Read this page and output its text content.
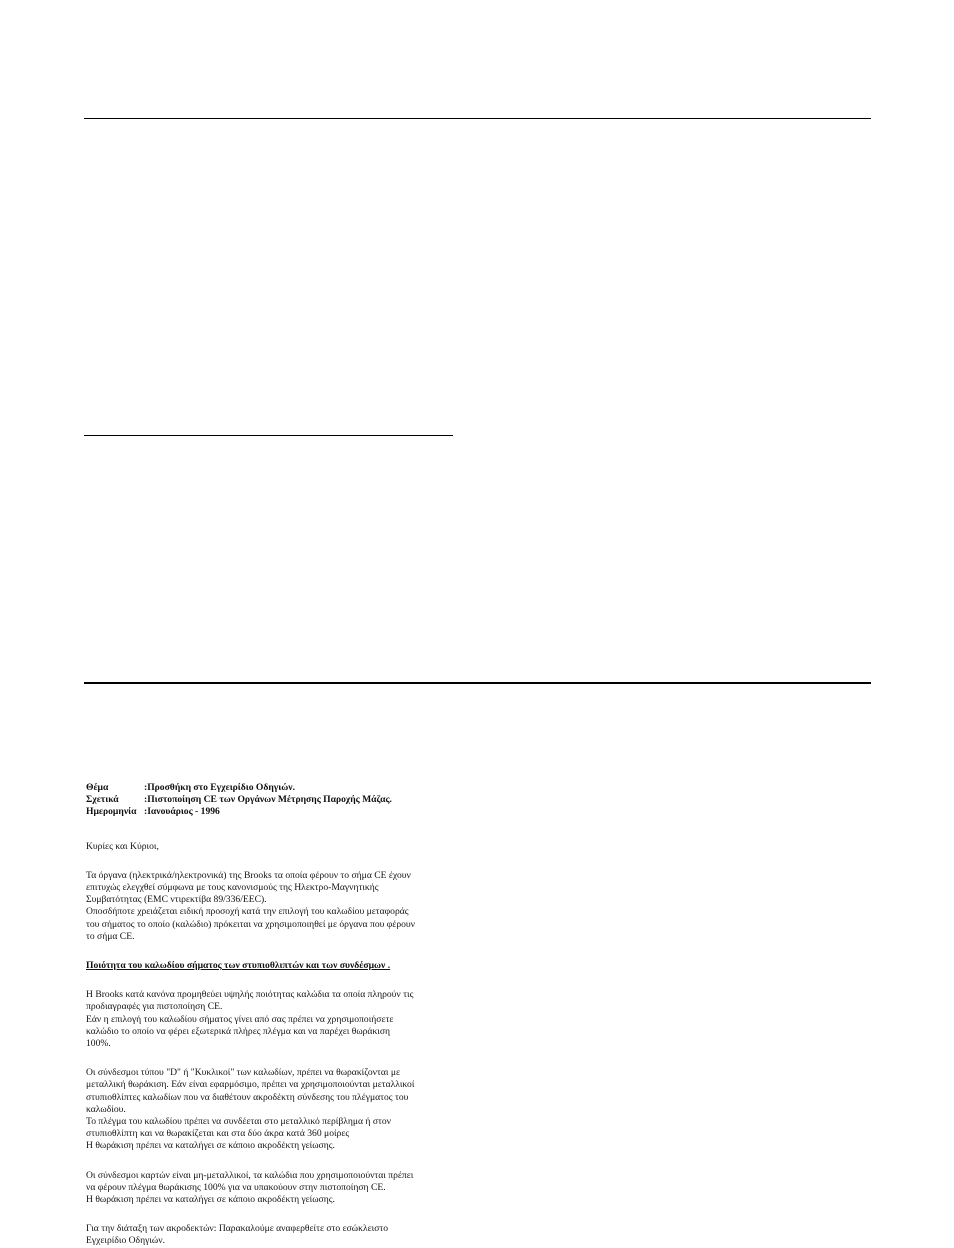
Θέμα	:Προσθήκη στο Εγχειρίδιο Οδηγιών.
Σχετικά	:Πιστοποίηση CE των Οργάνων Μέτρησης Παροχής Μάζας.
Ημερομηνία :Ιανουάριος - 1996

Κυρίες και Κύριοι,

Τα όργανα (ηλεκτρικά/ηλεκτρονικά) της Brooks τα οποία φέρουν το σήμα CE έχουν
επιτυχώς ελεγχθεί σύμφωνα με τους κανονισμούς της Ηλεκτρο-Μαγνητικής
Συμβατότητας (EMC ντιρεκτίβα 89/336/EEC).
Οποσδήποτε χρειάζεται ειδική προσοχή κατά την επιλογή του καλωδίου μεταφοράς
του σήματος το οποίο (καλώδιο) πρόκειται να χρησιμοποιηθεί με όργανα που φέρουν
το σήμα CE.

Ποιότητα του καλωδίου σήματος των στυπιοθλιπτών και των συνδέσμων .

Η Brooks κατά κανόνα προμηθεύει υψηλής ποιότητας καλώδια τα οποία πληρούν τις
προδιαγραφές για πιστοποίηση CE.
Εάν η επιλογή του καλωδίου σήματος γίνει από σας πρέπει να χρησιμοποιήσετε
καλώδιο το οποίο να φέρει εξωτερικά πλήρες πλέγμα και να παρέχει θωράκιση
100%.

Οι σύνδεσμοι τύπου "D" ή "Κυκλικοί" των καλωδίων, πρέπει να θωρακίζονται με
μεταλλική θωράκιση. Εάν είναι εφαρμόσιμο, πρέπει να χρησιμοποιούνται μεταλλικοί
στυπιοθλίπτες καλωδίων που να διαθέτουν ακροδέκτη σύνδεσης του πλέγματος του
καλωδίου.
Το πλέγμα του καλωδίου πρέπει να συνδέεται στο μεταλλικό περίβλημα ή στον
στυπιοθλίπτη και να θωρακίζεται και στα δύο άκρα κατά 360 μοίρες
Η θωράκιση πρέπει να καταλήγει σε κάποιο ακροδέκτη γείωσης.

Οι σύνδεσμοι καρτών είναι μη-μεταλλικοί, τα καλώδια που χρησιμοποιούνται πρέπει
να φέρουν πλέγμα θωράκισης 100% για να υπακούουν στην πιστοποίηση CE.
Η θωράκιση πρέπει να καταλήγει σε κάποιο ακροδέκτη γείωσης.

Για την διάταξη των ακροδεκτών: Παρακαλούμε αναφερθείτε στο εσώκλειστο
Εγχειρίδιο Οδηγιών.
